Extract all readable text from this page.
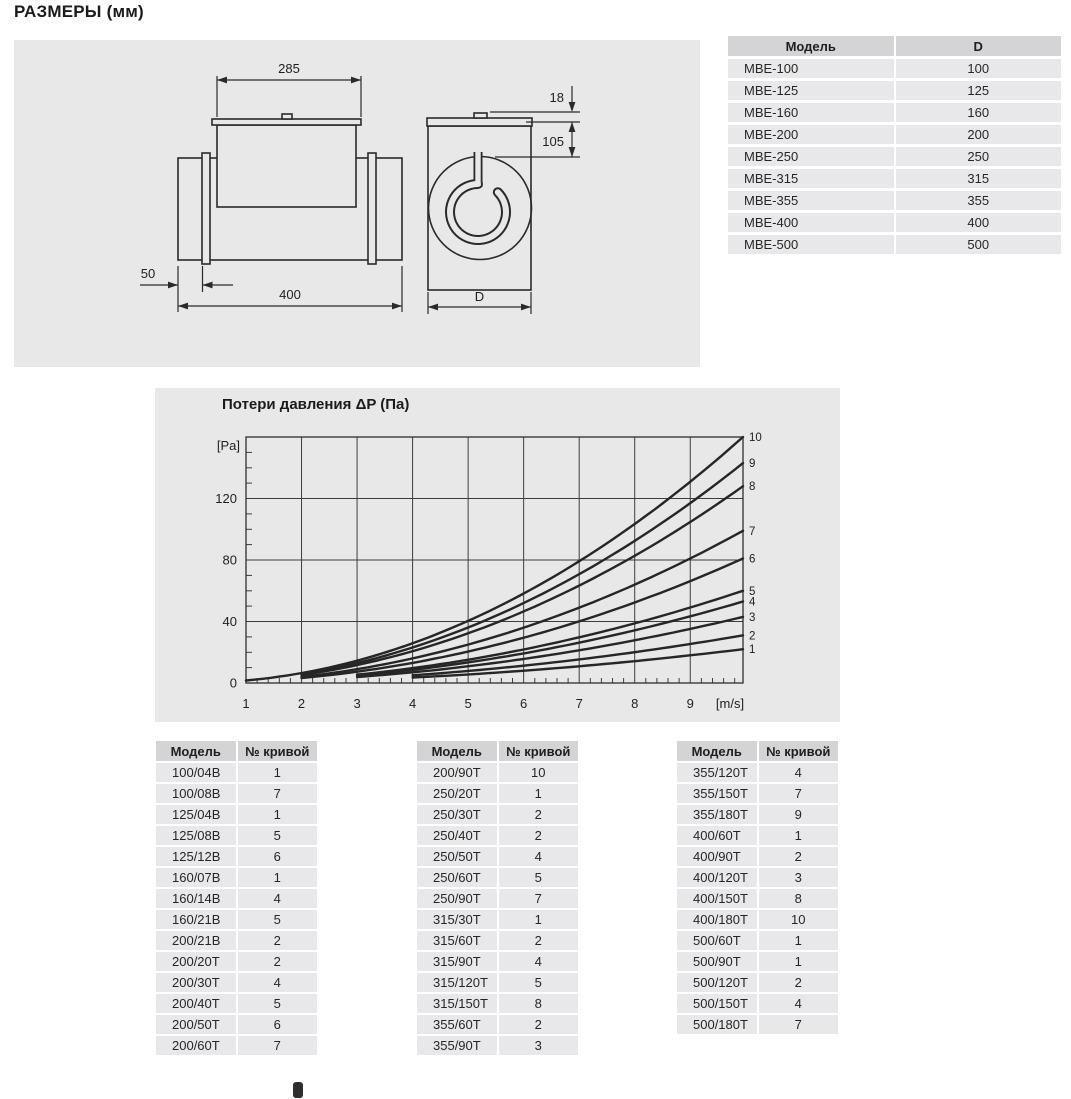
РАЗМЕРЫ (мм)
285
50
400
18
105
D
Модель	D
МВЕ-100	100
МВЕ-125	125
МВЕ-160	160
МВЕ-200	200
МВЕ-250	250
МВЕ-315	315
МВЕ-355	355
МВЕ-400	400
МВЕ-500	500
Потери давления ΔP (Па)
0
40
80
120
[Pa]
1	2	3	4	5	6	7	8	9 [m/s]
10
9
8
7
6
5
4
3
2
1
Модель	№ кривой
100/04В	1
100/08В	7
125/04В	1
125/08В	5
125/12В	6
160/07В	1
160/14В	4
160/21В	5
200/21В	2
200/20Т	2
200/30Т	4
200/40Т	5
200/50Т	6
200/60Т	7
Модель	№ кривой
200/90Т	10
250/20Т	1
250/30Т	2
250/40Т	2
250/50Т	4
250/60Т	5
250/90Т	7
315/30Т	1
315/60Т	2
315/90Т	4
315/120Т	5
315/150Т	8
355/60Т	2
355/90Т	3
Модель	№ кривой
355/120Т	4
355/150Т	7
355/180Т	9
400/60Т	1
400/90Т	2
400/120Т	3
400/150Т	8
400/180Т	10
500/60Т	1
500/90Т	1
500/120Т	2
500/150Т	4
500/180Т	7
